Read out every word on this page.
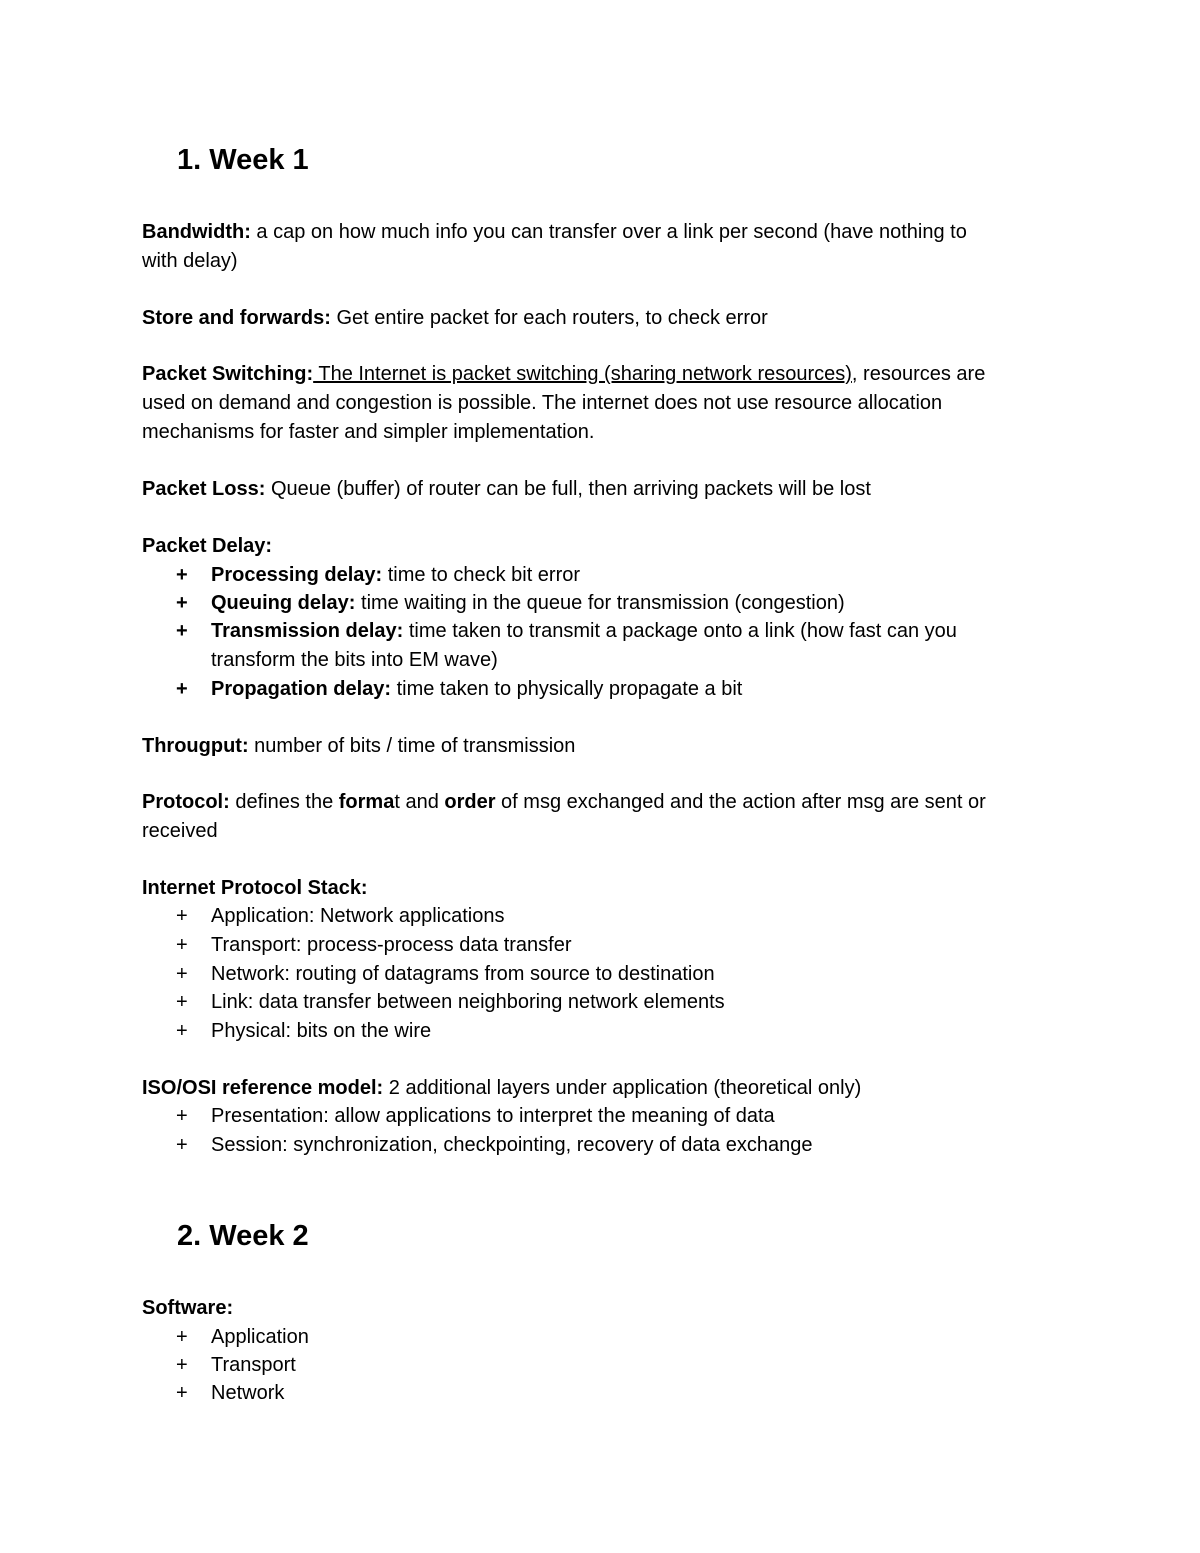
1. Week 1
Bandwidth: a cap on how much info you can transfer over a link per second (have nothing to
with delay)
Store and forwards: Get entire packet for each routers, to check error
Packet Switching: The Internet is packet switching (sharing network resources), resources are
used on demand and congestion is possible. The internet does not use resource allocation
mechanisms for faster and simpler implementation.
Packet Loss: Queue (buffer) of router can be full, then arriving packets will be lost
Packet Delay:
+	Processing delay: time to check bit error
+	Queuing delay: time waiting in the queue for transmission (congestion)
+	Transmission delay: time taken to transmit a package onto a link (how fast can you
transform the bits into EM wave)
+	Propagation delay: time taken to physically propagate a bit
Througput: number of bits / time of transmission
Protocol: defines the format and order of msg exchanged and the action after msg are sent or
received
Internet Protocol Stack:
+	Application: Network applications
+	Transport: process-process data transfer
+	Network: routing of datagrams from source to destination
+	Link: data transfer between neighboring network elements
+	Physical: bits on the wire
ISO/OSI reference model: 2 additional layers under application (theoretical only)
+	Presentation: allow applications to interpret the meaning of data
+	Session: synchronization, checkpointing, recovery of data exchange
2. Week 2
Software:
+	Application
+	Transport
+	Network
